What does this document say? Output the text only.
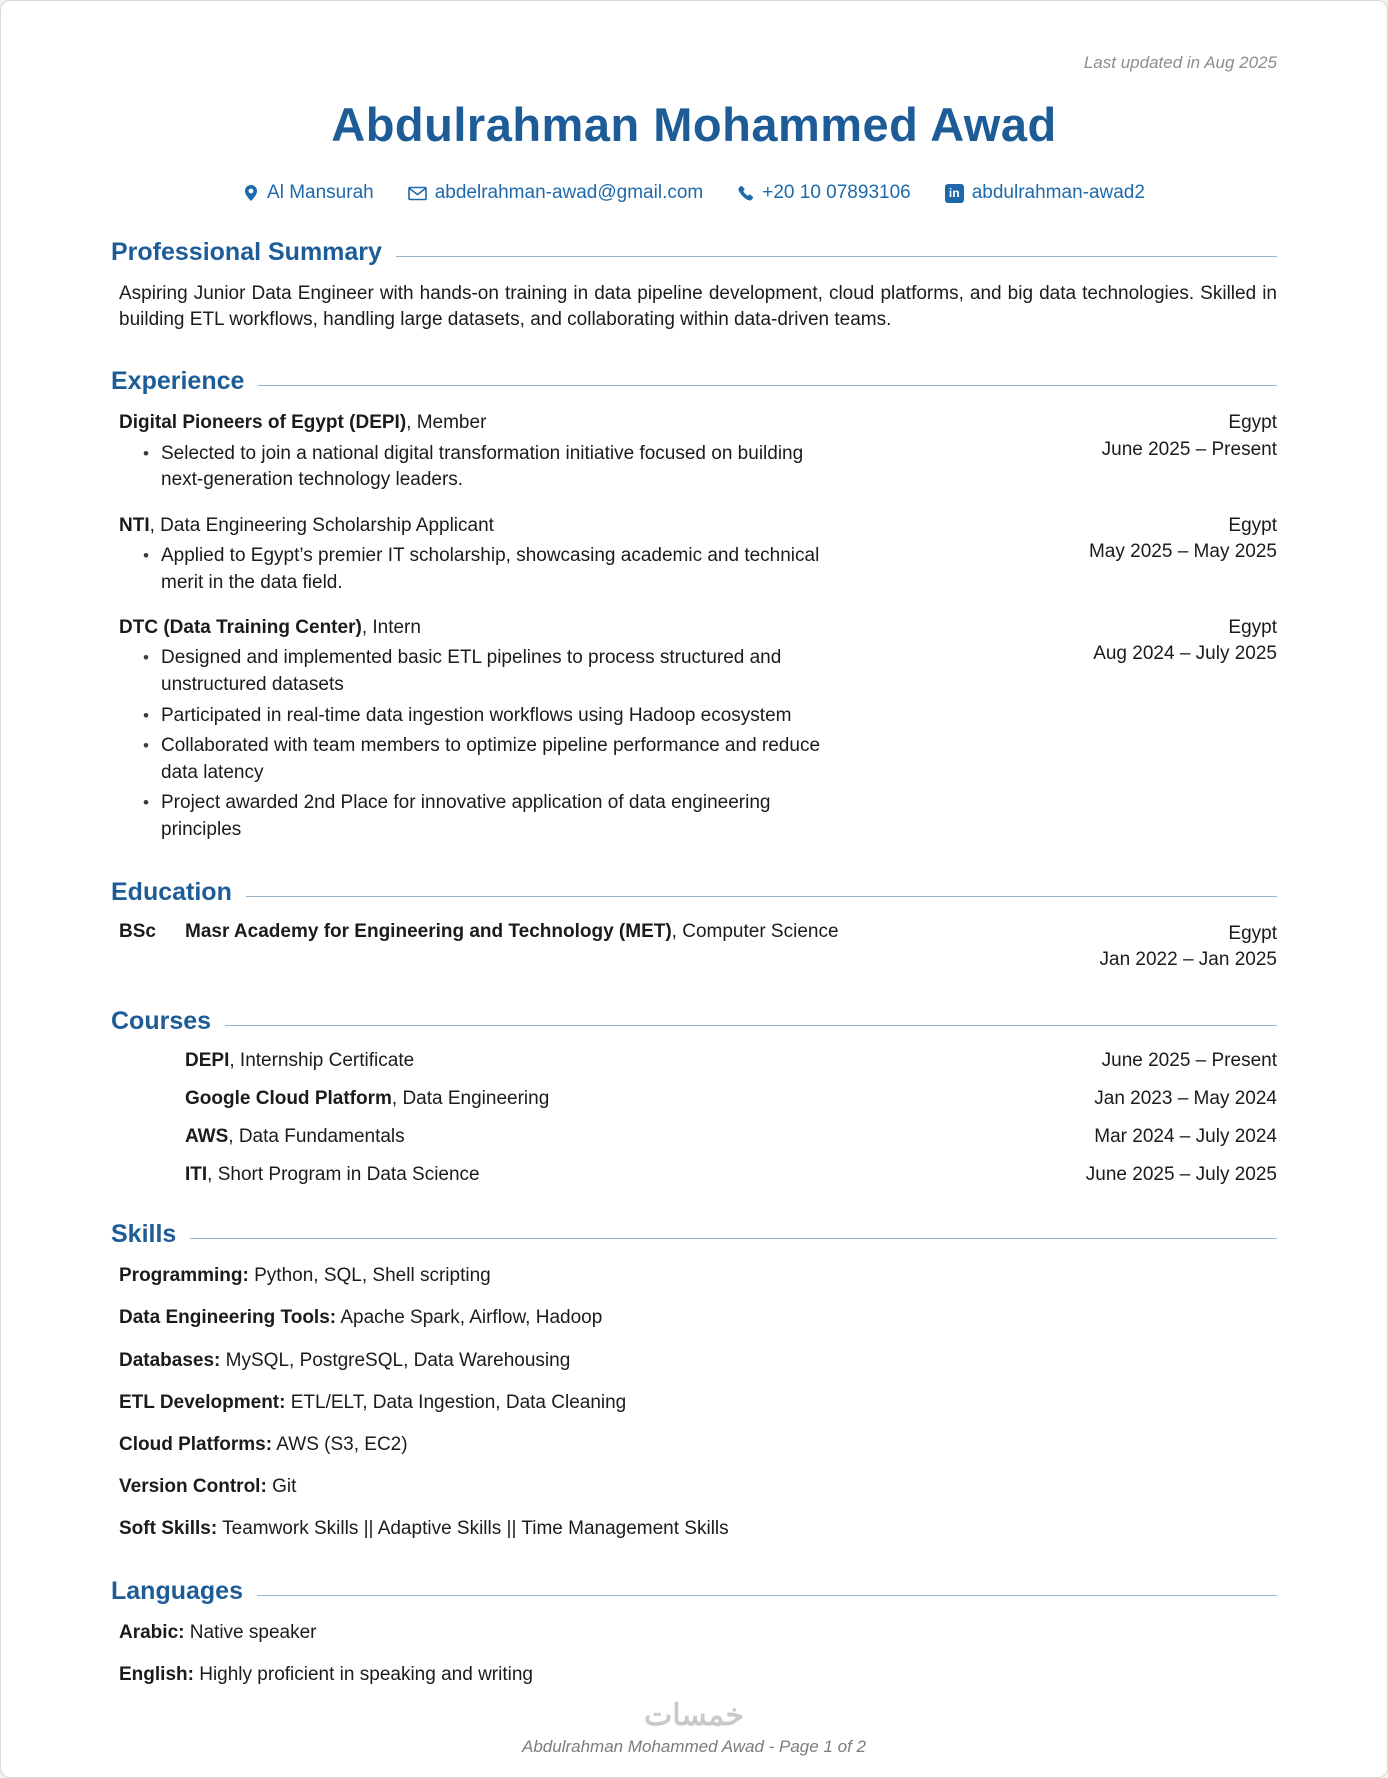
Last updated in Aug 2025
Abdulrahman Mohammed Awad
Al Mansurah	abdelrahman-awad@gmail.com	+20 10 07893106	in abdulrahman-awad2
Professional Summary

Aspiring Junior Data Engineer with hands-on training in data pipeline development, cloud platforms, and big data technologies. Skilled in building ETL workflows, handling large datasets, and collaborating within data-driven teams.

Experience
Digital Pioneers of Egypt (DEPI), Member
• Selected to join a national digital transformation initiative focused on building next-generation technology leaders.
Egypt
June 2025 – Present
NTI, Data Engineering Scholarship Applicant
• Applied to Egypt’s premier IT scholarship, showcasing academic and technical merit in the data field.
Egypt
May 2025 – May 2025
DTC (Data Training Center), Intern
• Designed and implemented basic ETL pipelines to process structured and unstructured datasets
• Participated in real-time data ingestion workflows using Hadoop ecosystem
• Collaborated with team members to optimize pipeline performance and reduce data latency
• Project awarded 2nd Place for innovative application of data engineering principles
Egypt
Aug 2024 – July 2025
Education
BSc	Masr Academy for Engineering and Technology (MET), Computer Science	Egypt
Jan 2022 – Jan 2025
Courses
DEPI, Internship Certificate	June 2025 – Present
Google Cloud Platform, Data Engineering	Jan 2023 – May 2024
AWS, Data Fundamentals	Mar 2024 – July 2024
ITI, Short Program in Data Science	June 2025 – July 2025
Skills
Programming: Python, SQL, Shell scripting
Data Engineering Tools: Apache Spark, Airflow, Hadoop
Databases: MySQL, PostgreSQL, Data Warehousing
ETL Development: ETL/ELT, Data Ingestion, Data Cleaning
Cloud Platforms: AWS (S3, EC2)
Version Control: Git
Soft Skills: Teamwork Skills || Adaptive Skills || Time Management Skills
Languages
Arabic: Native speaker
English: Highly proficient in speaking and writing
خمسات
Abdulrahman Mohammed Awad - Page 1 of 2
